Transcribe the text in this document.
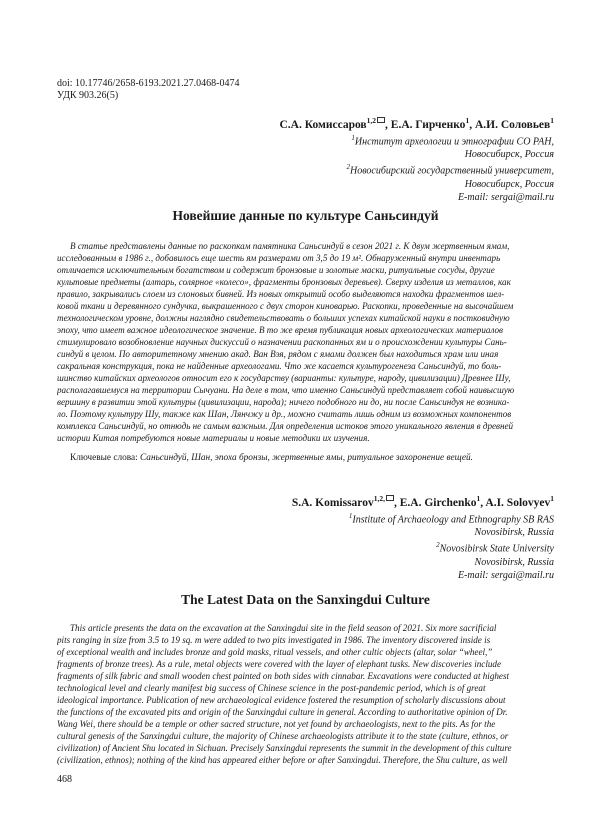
doi: 10.17746/2658-6193.2021.27.0468-0474
УДК 903.26(5)
С.А. Комиссаров$^{1,2}$ , Е.А. Гирченко$^1$, А.И. Соловьев$^1$
$^1$Институт археологии и этнографии СО РАН,
Новосибирск, Россия
$^2$Новосибирский государственный университет,
Новосибирск, Россия
E-mail: sergai@mail.ru
Новейшие данные по культуре Саньсиндуй
В статье представлены данные по раскопкам памятника Саньсиндуй в сезон 2021 г. К двум жертвенным ямам,
исследованным в 1986 г., добавилось еще шесть ям размерами от 3,5 до 19 м². Обнаруженный внутри инвентарь
отличается исключительным богатством и содержит бронзовые и золотые маски, ритуальные сосуды, другие
культовые предметы (алтарь, солярное «колесо», фрагменты бронзовых деревьев). Сверху изделия из металлов, как
правило, закрывались слоем из слоновых бивней. Из новых открытий особо выделяются находки фрагментов шел-
ковой ткани и деревянного сундучка, выкрашенного с двух сторон киноварью. Раскопки, проведенные на высочайшем
технологическом уровне, должны наглядно свидетельствовать о больших успехах китайской науки в постковидную
эпоху, что имеет важное идеологическое значение. В то же время публикация новых археологических материалов
стимулировало возобновление научных дискуссий о назначении раскопанных ям и о происхождении культуры Сань-
синдуй в целом. По авторитетному мнению акад. Ван Вэя, рядом с ямами должен был находиться храм или иная
сакральная конструкция, пока не найденные археологами. Что же касается культурогенеза Саньсиндуй, то боль-
шинство китайских археологов относит его к государству (варианты: культуре, народу, цивилизации) Древнее Шу,
располагавшемуся на территории Сычуани. На деле в том, что именно Саньсиндуй представляет собой наивысшую
вершину в развитии этой культуры (цивилизации, народа); ничего подобного ни до, ни после Саньсиндуя не возника-
ло. Поэтому культуру Шу, также как Шан, Лянчжу и др., можно считать лишь одним из возможных компонентов
комплекса Саньсиндуй, но отнюдь не самым важным. Для определения истоков этого уникального явления в древней
истории Китая потребуются новые материалы и новые методики их изучения.
Ключевые слова: Саньсиндуй, Шан, эпоха бронзы, жертвенные ямы, ритуальное захоронение вещей.
S.A. Komissarov$^{1,2,}$ , E.A. Girchenko$^1$, A.I. Solovyev$^1$
$^1$Institute of Archaeology and Ethnography SB RAS
Novosibirsk, Russia
$^2$Novosibirsk State University
Novosibirsk, Russia
E-mail: sergai@mail.ru
The Latest Data on the Sanxingdui Culture
This article presents the data on the excavation at the Sanxingdui site in the field season of 2021. Six more sacrificial
pits ranging in size from 3.5 to 19 sq. m were added to two pits investigated in 1986. The inventory discovered inside is
of exceptional wealth and includes bronze and gold masks, ritual vessels, and other cultic objects (altar, solar “wheel,”
fragments of bronze trees). As a rule, metal objects were covered with the layer of elephant tusks. New discoveries include
fragments of silk fabric and small wooden chest painted on both sides with cinnabar. Excavations were conducted at highest
technological level and clearly manifest big success of Chinese science in the post-pandemic period, which is of great
ideological importance. Publication of new archaeological evidence fostered the resumption of scholarly discussions about
the functions of the excavated pits and origin of the Sanxingdui culture in general. According to authoritative opinion of Dr.
Wang Wei, there should be a temple or other sacred structure, not yet found by archaeologists, next to the pits. As for the
cultural genesis of the Sanxingdui culture, the majority of Chinese archaeologists attribute it to the state (culture, ethnos, or
civilization) of Ancient Shu located in Sichuan. Precisely Sanxingdui represents the summit in the development of this culture
(civilization, ethnos); nothing of the kind has appeared either before or after Sanxingdui. Therefore, the Shu culture, as well
468
